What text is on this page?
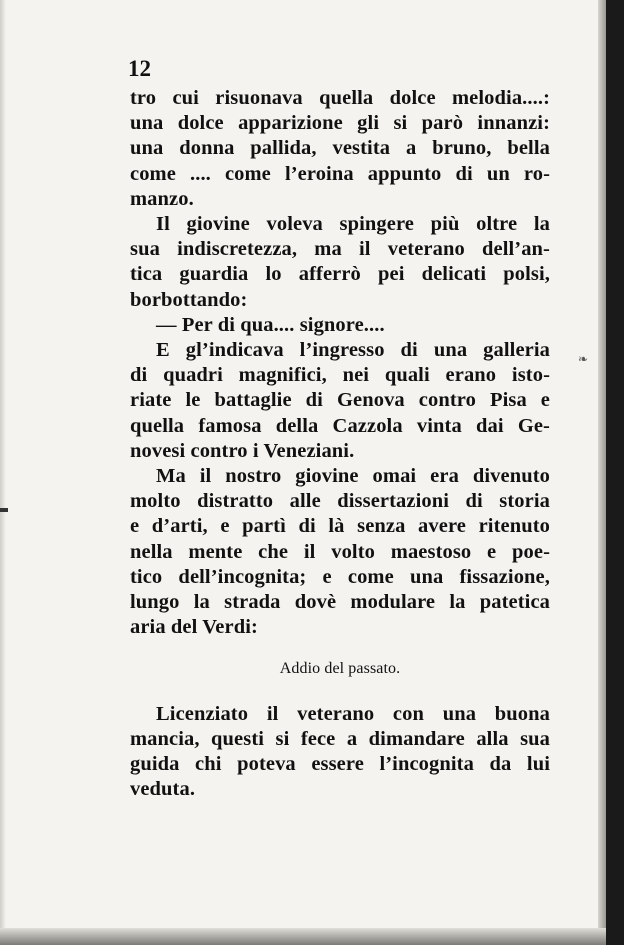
❧
12
tro cui risuonava quella dolce melodia....:
una dolce apparizione gli si parò innanzi:
una donna pallida, vestita a bruno, bella
come .... come l’eroina appunto di un ro-
manzo.
Il giovine voleva spingere più oltre la
sua indiscretezza, ma il veterano dell’an-
tica guardia lo afferrò pei delicati polsi,
borbottando:
— Per di qua.... signore....
E gl’indicava l’ingresso di una galleria
di quadri magnifici, nei quali erano isto-
riate le battaglie di Genova contro Pisa e
quella famosa della Cazzola vinta dai Ge-
novesi contro i Veneziani.
Ma il nostro giovine omai era divenuto
molto distratto alle dissertazioni di storia
e d’arti, e partì di là senza avere ritenuto
nella mente che il volto maestoso e poe-
tico dell’incognita; e come una fissazione,
lungo la strada dovè modulare la patetica
aria del Verdi:
Addio del passato.
Licenziato il veterano con una buona
mancia, questi si fece a dimandare alla sua
guida chi poteva essere l’incognita da lui
veduta.
